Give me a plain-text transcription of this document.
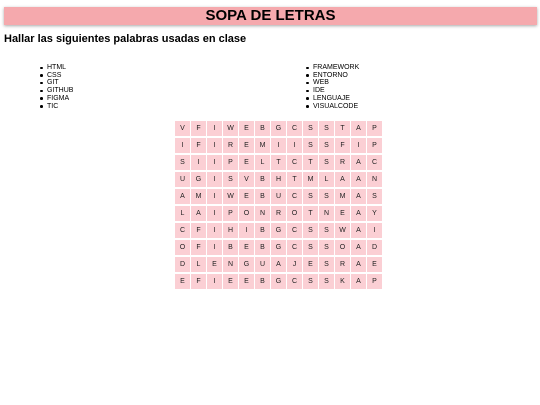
SOPA DE LETRAS

Hallar las siguientes palabras usadas en clase

HTML
CSS
GIT
GITHUB
FIGMA
TIC
FRAMEWORK
ENTORNO
WEB
IDE
LENGUAJE
VISUALCODE
V	F	I	W	E	B	G	C	S	S	T	A	P
I	F	I	R	E	M	I	I	S	S	F	I	P
S	I	I	P	E	L	T	C	T	S	R	A	C
U	G	I	S	V	B	H	T	M	L	A	A	N
A	M	I	W	E	B	U	C	S	S	M	A	S
L	A	I	P	O	N	R	O	T	N	E	A	Y
C	F	I	H	I	B	G	C	S	S	W	A	I
O	F	I	B	E	B	G	C	S	S	O	A	D
D	L	E	N	G	U	A	J	E	S	R	A	E
E	F	I	E	E	B	G	C	S	S	K	A	P
